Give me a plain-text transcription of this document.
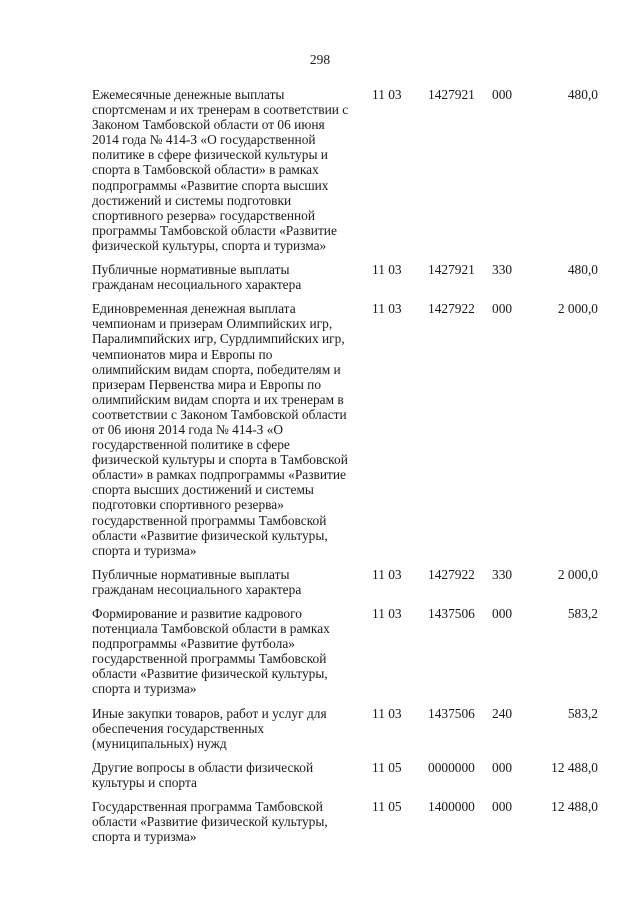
298
Ежемесячные денежные выплаты спортсменам и их тренерам в соответствии с Законом Тамбовской области от 06 июня 2014 года № 414-З «О государственной политике в сфере физической культуры и спорта в Тамбовской области» в рамках подпрограммы «Развитие спорта высших достижений и системы подготовки спортивного резерва» государственной программы Тамбовской области «Развитие физической культуры, спорта и туризма»
11 03 1427921 000	480,0
Публичные нормативные выплаты гражданам несоциального характера
11 03 1427921 330	480,0
Единовременная денежная выплата чемпионам и призерам Олимпийских игр, Паралимпийских игр, Сурдлимпийских игр, чемпионатов мира и Европы по олимпийским видам спорта, победителям и призерам Первенства мира и Европы по олимпийским видам спорта и их тренерам в соответствии с Законом Тамбовской области от 06 июня 2014 года № 414-З «О государственной политике в сфере физической культуры и спорта в Тамбовской области» в рамках подпрограммы «Развитие спорта высших достижений и системы подготовки спортивного резерва» государственной программы Тамбовской области «Развитие физической культуры, спорта и туризма»
11 03 1427922 000	2 000,0
Публичные нормативные выплаты гражданам несоциального характера
11 03 1427922 330	2 000,0
Формирование и развитие кадрового потенциала Тамбовской области в рамках подпрограммы «Развитие футбола» государственной программы Тамбовской области «Развитие физической культуры, спорта и туризма»
11 03 1437506 000	583,2
Иные закупки товаров, работ и услуг для обеспечения государственных (муниципальных) нужд
11 03 1437506 240	583,2
Другие вопросы в области физической культуры и спорта
11 05 0000000 000	12 488,0
Государственная программа Тамбовской области «Развитие физической культуры, спорта и туризма»
11 05 1400000 000	12 488,0
